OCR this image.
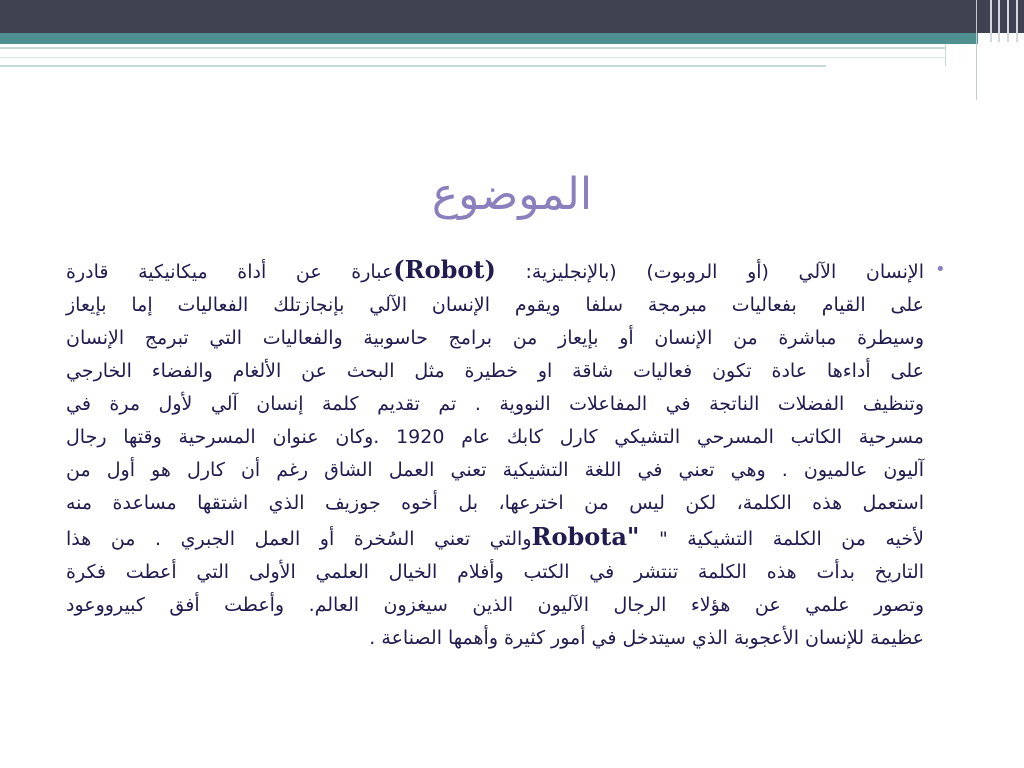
الموضوع
•
الإنسان الآلي (أو الروبوت) (بالإنجليزية: (Robot)عبارة عن أداة ميكانيكية قادرة
على القيام بفعاليات مبرمجة سلفا ويقوم الإنسان الآلي بإنجازتلك الفعاليات إما بإيعاز
وسيطرة مباشرة من الإنسان أو بإيعاز من برامج حاسوبية والفعاليات التي تبرمج الإنسان
على أداءها عادة تكون فعاليات شاقة او خطيرة مثل البحث عن الألغام والفضاء الخارجي
وتنظيف الفضلات الناتجة في المفاعلات النووية . تم تقديم كلمة إنسان آلي لأول مرة في
مسرحية الكاتب المسرحي التشيكي كارل كابك عام 1920 .وكان عنوان المسرحية وقتها رجال
آليون عالميون . وهي تعني في اللغة التشيكية تعني العمل الشاق رغم أن كارل هو أول من
استعمل هذه الكلمة، لكن ليس من اخترعها، بل أخوه جوزيف الذي اشتقها مساعدة منه
لأخيه من الكلمة التشيكية " Robota"والتي تعني السُخرة أو العمل الجبري . من هذا
التاريخ بدأت هذه الكلمة تنتشر في الكتب وأفلام الخيال العلمي الأولى التي أعطت فكرة
وتصور علمي عن هؤلاء الرجال الآليون الذين سيغزون العالم. وأعطت أفق كبيرووعود
عظيمة للإنسان الأعجوبة الذي سيتدخل في أمور كثيرة وأهمها الصناعة .
